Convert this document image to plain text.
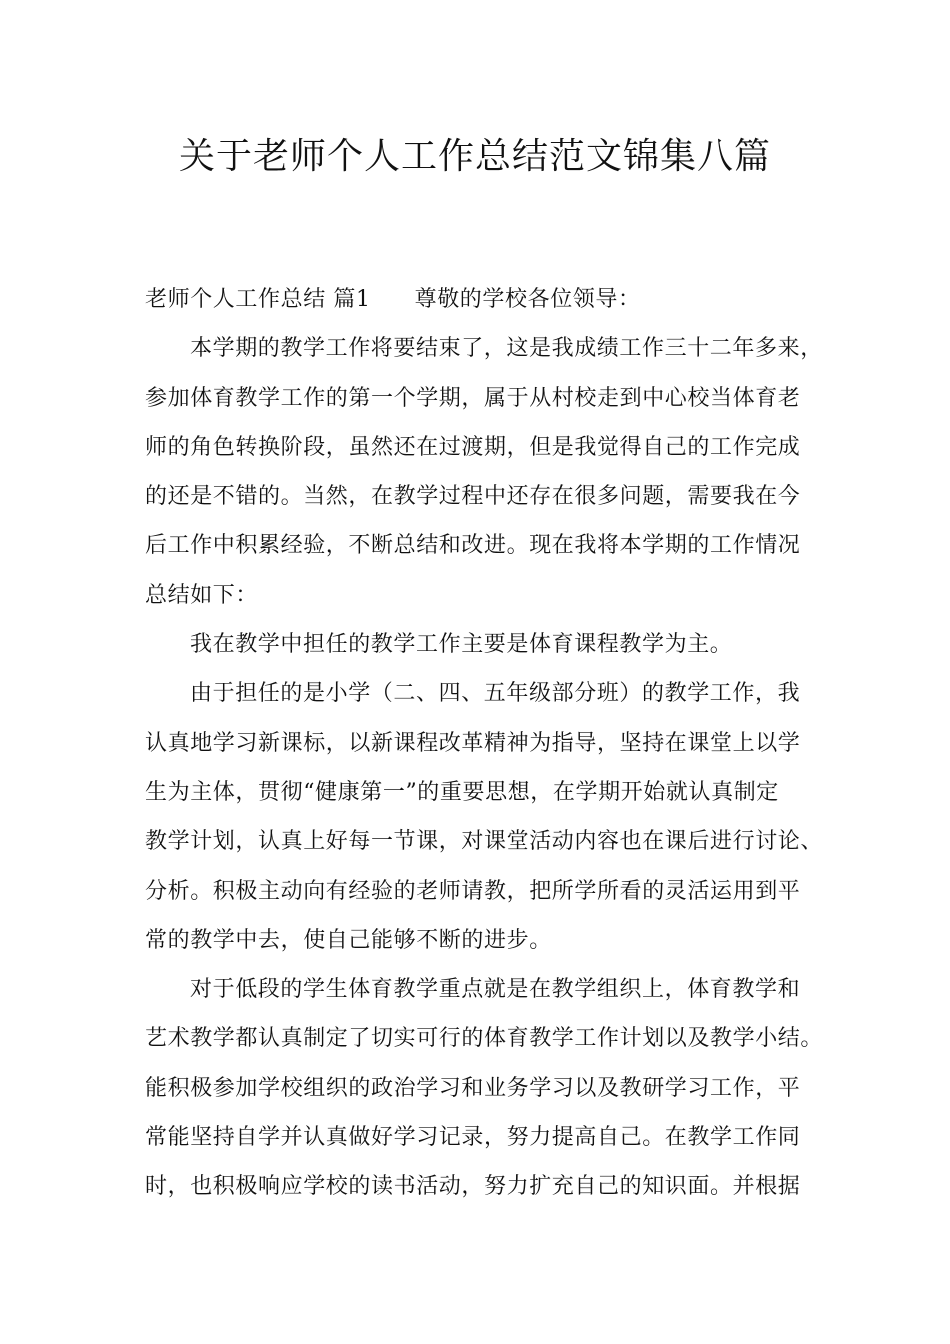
关于老师个人工作总结范文锦集八篇
老师个人工作总结 篇1 尊敬的学校各位领导：
本学期的教学工作将要结束了，这是我成绩工作三十二年多来，
参加体育教学工作的第一个学期，属于从村校走到中心校当体育老
师的角色转换阶段，虽然还在过渡期，但是我觉得自己的工作完成
的还是不错的。当然，在教学过程中还存在很多问题，需要我在今
后工作中积累经验，不断总结和改进。现在我将本学期的工作情况
总结如下：
我在教学中担任的教学工作主要是体育课程教学为主。
由于担任的是小学（二、四、五年级部分班）的教学工作，我
认真地学习新课标，以新课程改革精神为指导，坚持在课堂上以学
生为主体，贯彻“健康第一”的重要思想，在学期开始就认真制定
教学计划，认真上好每一节课，对课堂活动内容也在课后进行讨论、
分析。积极主动向有经验的老师请教，把所学所看的灵活运用到平
常的教学中去，使自己能够不断的进步。
对于低段的学生体育教学重点就是在教学组织上，体育教学和
艺术教学都认真制定了切实可行的体育教学工作计划以及教学小结。
能积极参加学校组织的政治学习和业务学习以及教研学习工作，平
常能坚持自学并认真做好学习记录，努力提高自己。在教学工作同
时，也积极响应学校的读书活动，努力扩充自己的知识面。并根据
